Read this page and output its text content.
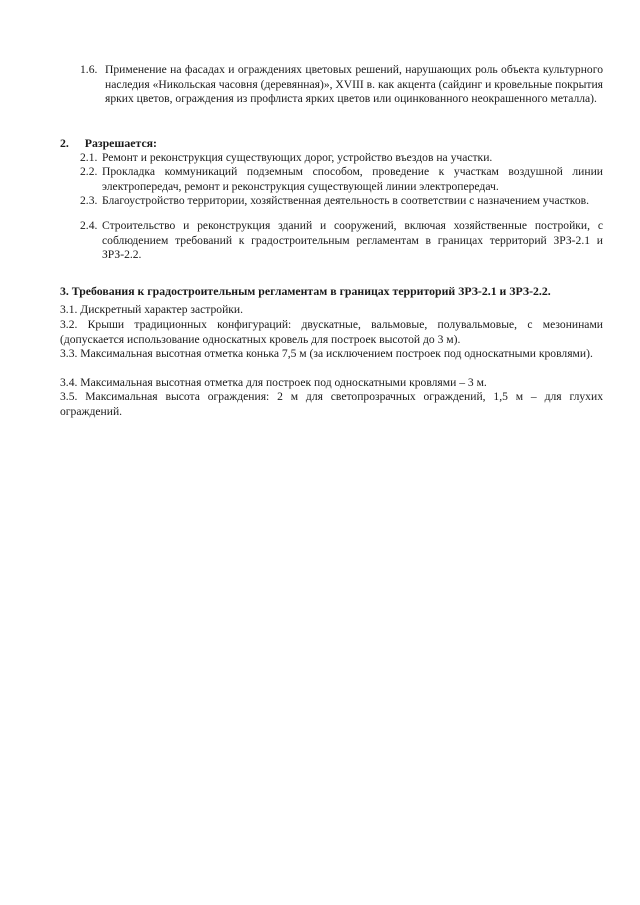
1.6. Применение на фасадах и ограждениях цветовых решений, нарушающих роль объекта культурного наследия «Никольская часовня (деревянная)», XVIII в. как акцента (сайдинг и кровельные покрытия ярких цветов, ограждения из профлиста ярких цветов или оцинкованного неокрашенного металла).
2. Разрешается:
2.1. Ремонт и реконструкция существующих дорог, устройство въездов на участки.
2.2. Прокладка коммуникаций подземным способом, проведение к участкам воздушной линии электропередач, ремонт и реконструкция существующей линии электропередач.
2.3. Благоустройство территории, хозяйственная деятельность в соответствии с назначением участков.
2.4. Строительство и реконструкция зданий и сооружений, включая хозяйственные постройки, с соблюдением требований к градостроительным регламентам в границах территорий ЗРЗ-2.1 и ЗРЗ-2.2.
3. Требования к градостроительным регламентам в границах территорий ЗРЗ-2.1 и ЗРЗ-2.2.
3.1. Дискретный характер застройки.
3.2. Крыши традиционных конфигураций: двускатные, вальмовые, полувальмовые, с мезонинами (допускается использование односкатных кровель для построек высотой до 3 м).
3.3. Максимальная высотная отметка конька 7,5 м (за исключением построек под односкатными кровлями).
3.4. Максимальная высотная отметка для построек под односкатными кровлями – 3 м.
3.5. Максимальная высота ограждения: 2 м для светопрозрачных ограждений, 1,5 м – для глухих ограждений.
